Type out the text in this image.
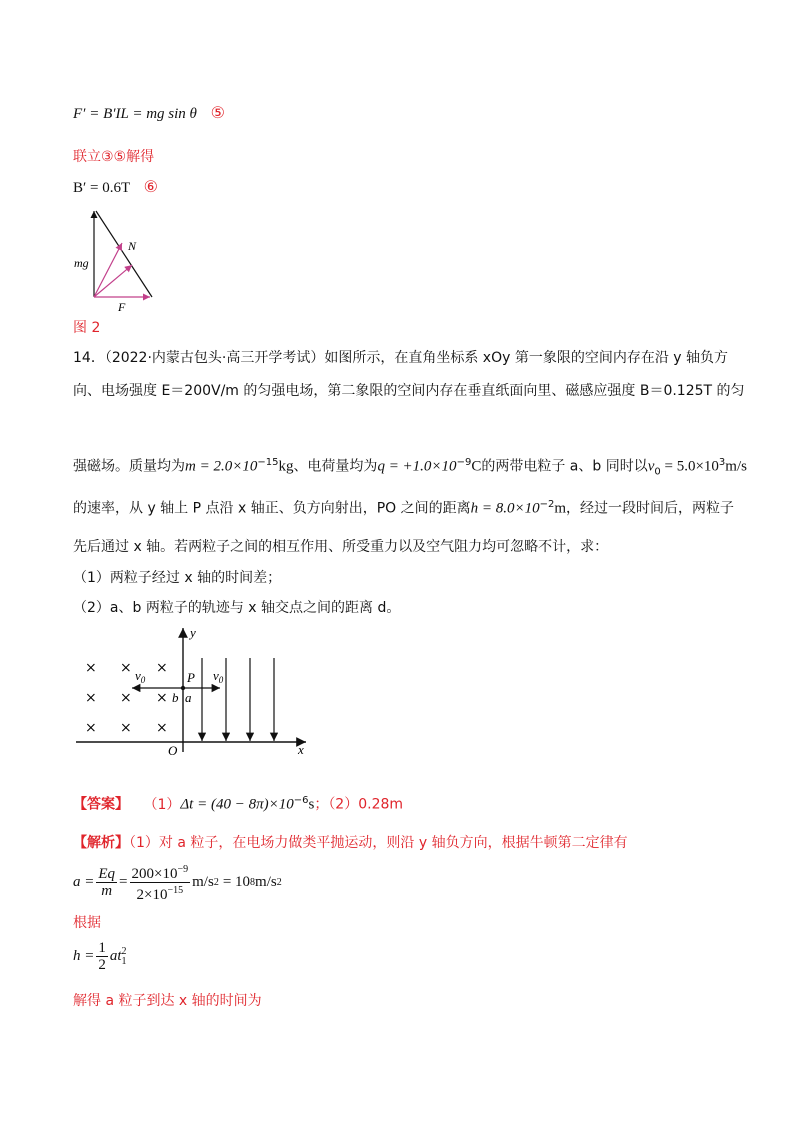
F′ = B′IL = mg sin θ ⑤
联立③⑤解得
B′ = 0.6T ⑥
mg
N
F
图 2
14．（2022·内蒙古包头·高三开学考试）如图所示，在直角坐标系 xOy 第一象限的空间内存在沿 y 轴负方
向、电场强度 E＝200V/m 的匀强电场，第二象限的空间内存在垂直纸面向里、磁感应强度 B＝0.125T 的匀
强磁场。质量均为$m = 2.0\times 10^{-15}kg$、电荷量均为$q = +1.0\times 10^{-9}C$的两带电粒子 a、b 同时以$v_0 = 5.0\times 10^3m/s$
的速率，从 y 轴上 P 点沿 x 轴正、负方向射出，PO 之间的距离$h = 8.0\times 10^{-2}m$，经过一段时间后，两粒子
先后通过 x 轴。若两粒子之间的相互作用、所受重力以及空气阻力均可忽略不计，求：
（1）两粒子经过 x 轴的时间差；
（2）a、b 两粒子的轨迹与 x 轴交点之间的距离 d。
y
x
O
× × ×
× × ×
× × ×
P
a
b
$v_0$	$v_0$
【答案】 $(1)\Delta t = (40 - 8\pi)\times 10^{-6}s$；（2）0.28m
【解析】（1）对 a 粒子，在电场力做类平抛运动，则沿 y 轴负方向，根据牛顿第二定律有
$a = \frac{Eq}{m} = \frac{200\times 10^{-9}}{2\times 10^{-15}} m/s$ 2 = 10 8 m/s 2
根据
$h = \frac{1}{2}$ at 2
1
解得 a 粒子到达 x 轴的时间为
